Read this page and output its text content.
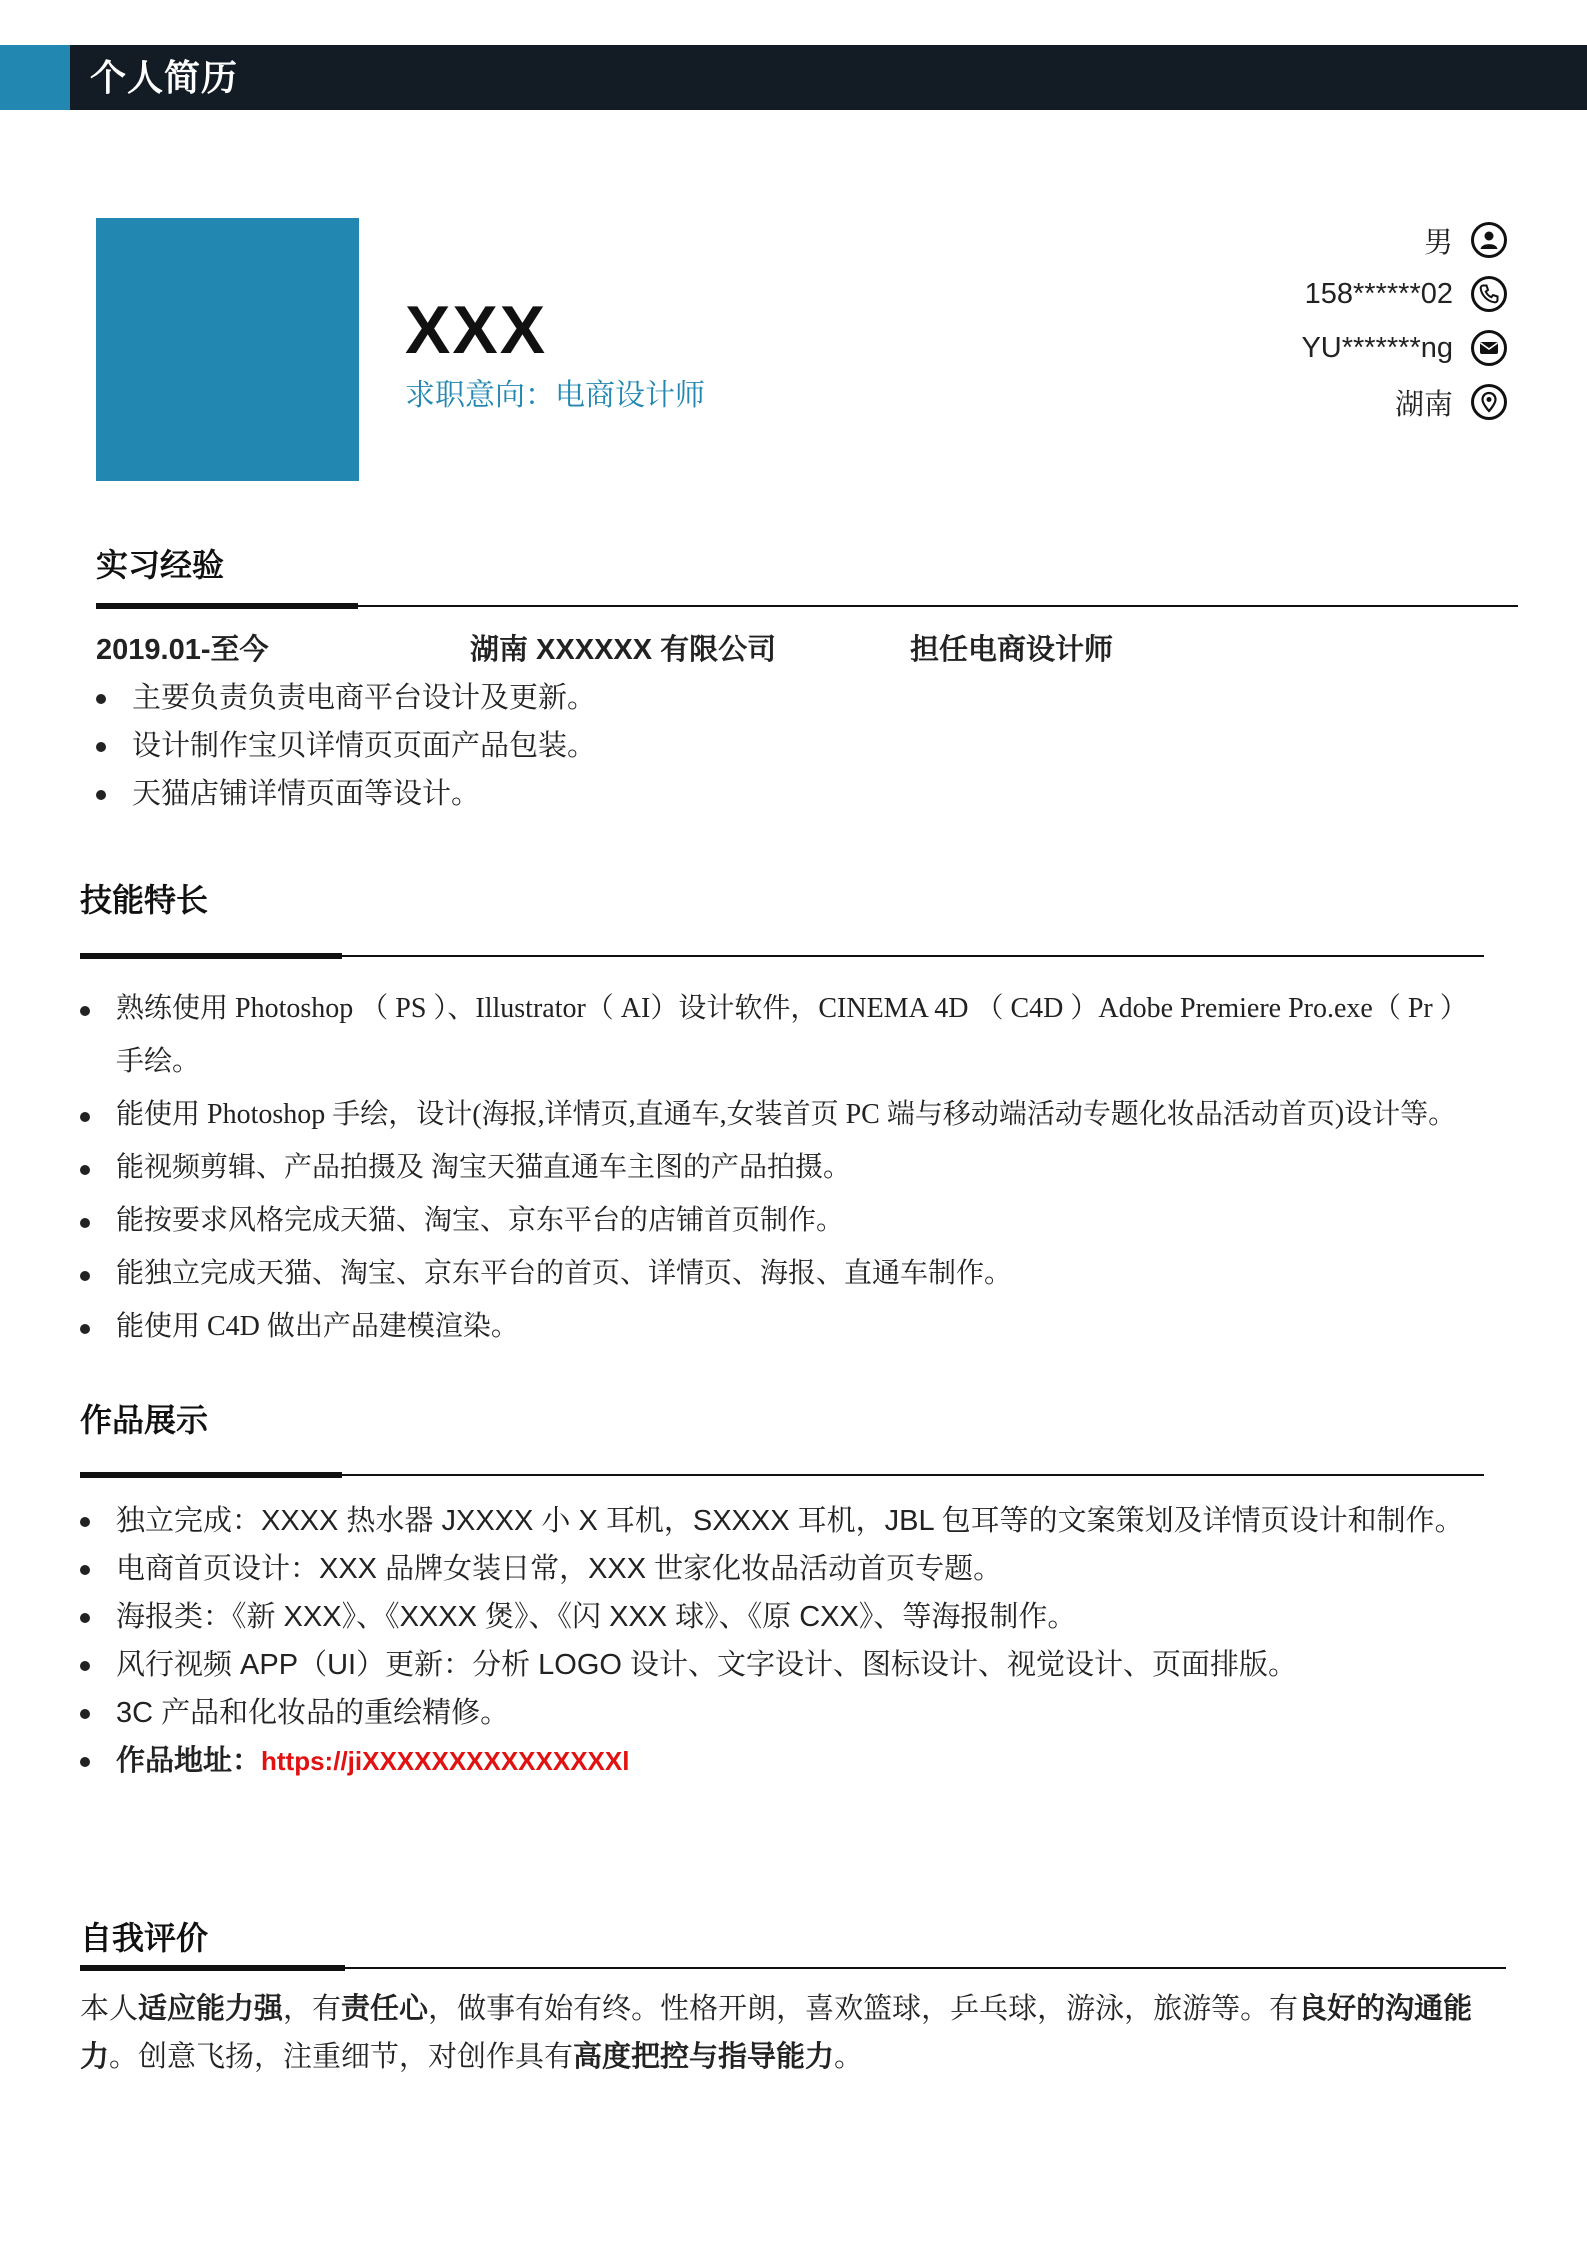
个人简历
XXX
求职意向：电商设计师
男
158******02
YU*******ng
湖南
实习经验
2019.01-至今	湖南 XXXXXX 有限公司	担任电商设计师
主要负责负责电商平台设计及更新。
设计制作宝贝详情页页面产品包装。
天猫店铺详情页面等设计。
技能特长
熟练使用 Photoshop （ PS ）、Illustrator（ AI）设计软件，CINEMA 4D （ C4D ）Adobe Premiere Pro.exe（ Pr ）
手绘。
能使用 Photoshop 手绘，设计(海报,详情页,直通车,女装首页 PC 端与移动端活动专题化妆品活动首页)设计等。
能视频剪辑、产品拍摄及 淘宝天猫直通车主图的产品拍摄。
能按要求风格完成天猫、淘宝、京东平台的店铺首页制作。
能独立完成天猫、淘宝、京东平台的首页、详情页、海报、直通车制作。
能使用 C4D 做出产品建模渲染。
作品展示
独立完成：XXXX 热水器 JXXXX 小 X 耳机，SXXXX 耳机，JBL 包耳等的文案策划及详情页设计和制作。
电商首页设计：XXX 品牌女装日常，XXX 世家化妆品活动首页专题。
海报类：《新 XXX》、《XXXX 煲》、《闪 XXX 球》、《原 CXX》、等海报制作。
风行视频 APP（UI）更新：分析 LOGO 设计、文字设计、图标设计、视觉设计、页面排版。
3C 产品和化妆品的重绘精修。
作品地址：https://jiXXXXXXXXXXXXXXXl
自我评价
本人适应能力强，有责任心，做事有始有终。性格开朗，喜欢篮球，乒乓球，游泳，旅游等。有良好的沟通能力。创意飞扬，注重细节，对创作具有高度把控与指导能力。
